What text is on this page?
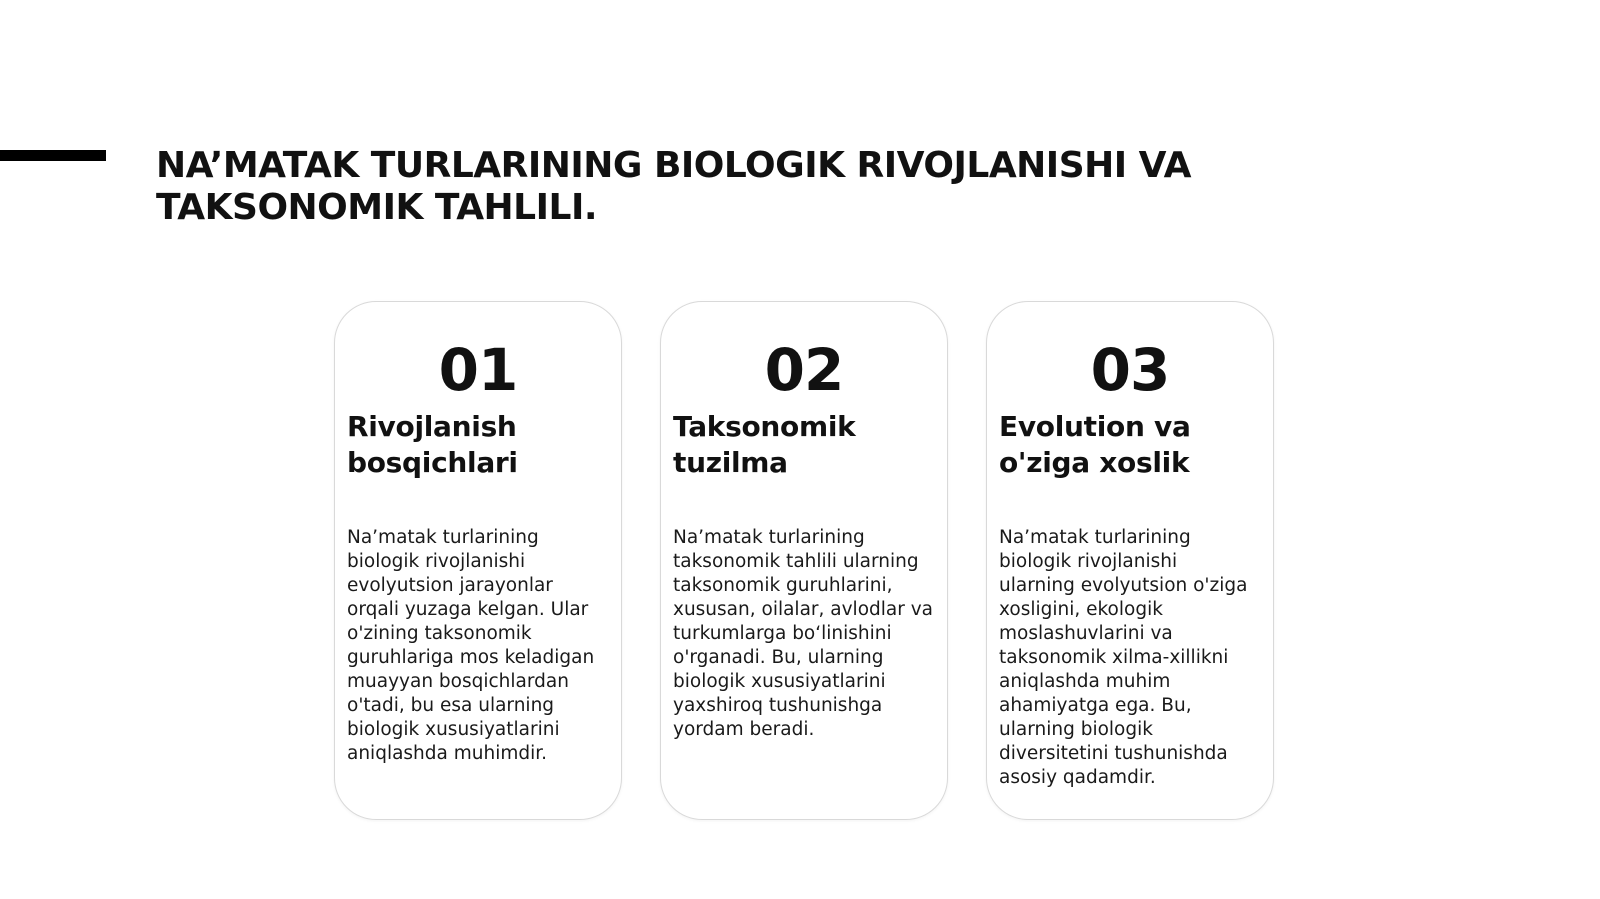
NA’MATAK TURLARINING BIOLOGIK RIVOJLANISHI VA
TAKSONOMIK TAHLILI.
01
Rivojlanish
bosqichlari
Na’matak turlarining
biologik rivojlanishi
evolyutsion jarayonlar
orqali yuzaga kelgan. Ular
o'zining taksonomik
guruhlariga mos keladigan
muayyan bosqichlardan
o'tadi, bu esa ularning
biologik xususiyatlarini
aniqlashda muhimdir.
02
Taksonomik
tuzilma
Na’matak turlarining
taksonomik tahlili ularning
taksonomik guruhlarini,
xususan, oilalar, avlodlar va
turkumlarga bo‘linishini
o'rganadi. Bu, ularning
biologik xususiyatlarini
yaxshiroq tushunishga
yordam beradi.
03
Evolution va
o'ziga xoslik
Na’matak turlarining
biologik rivojlanishi
ularning evolyutsion o'ziga
xosligini, ekologik
moslashuvlarini va
taksonomik xilma-xillikni
aniqlashda muhim
ahamiyatga ega. Bu,
ularning biologik
diversitetini tushunishda
asosiy qadamdir.
